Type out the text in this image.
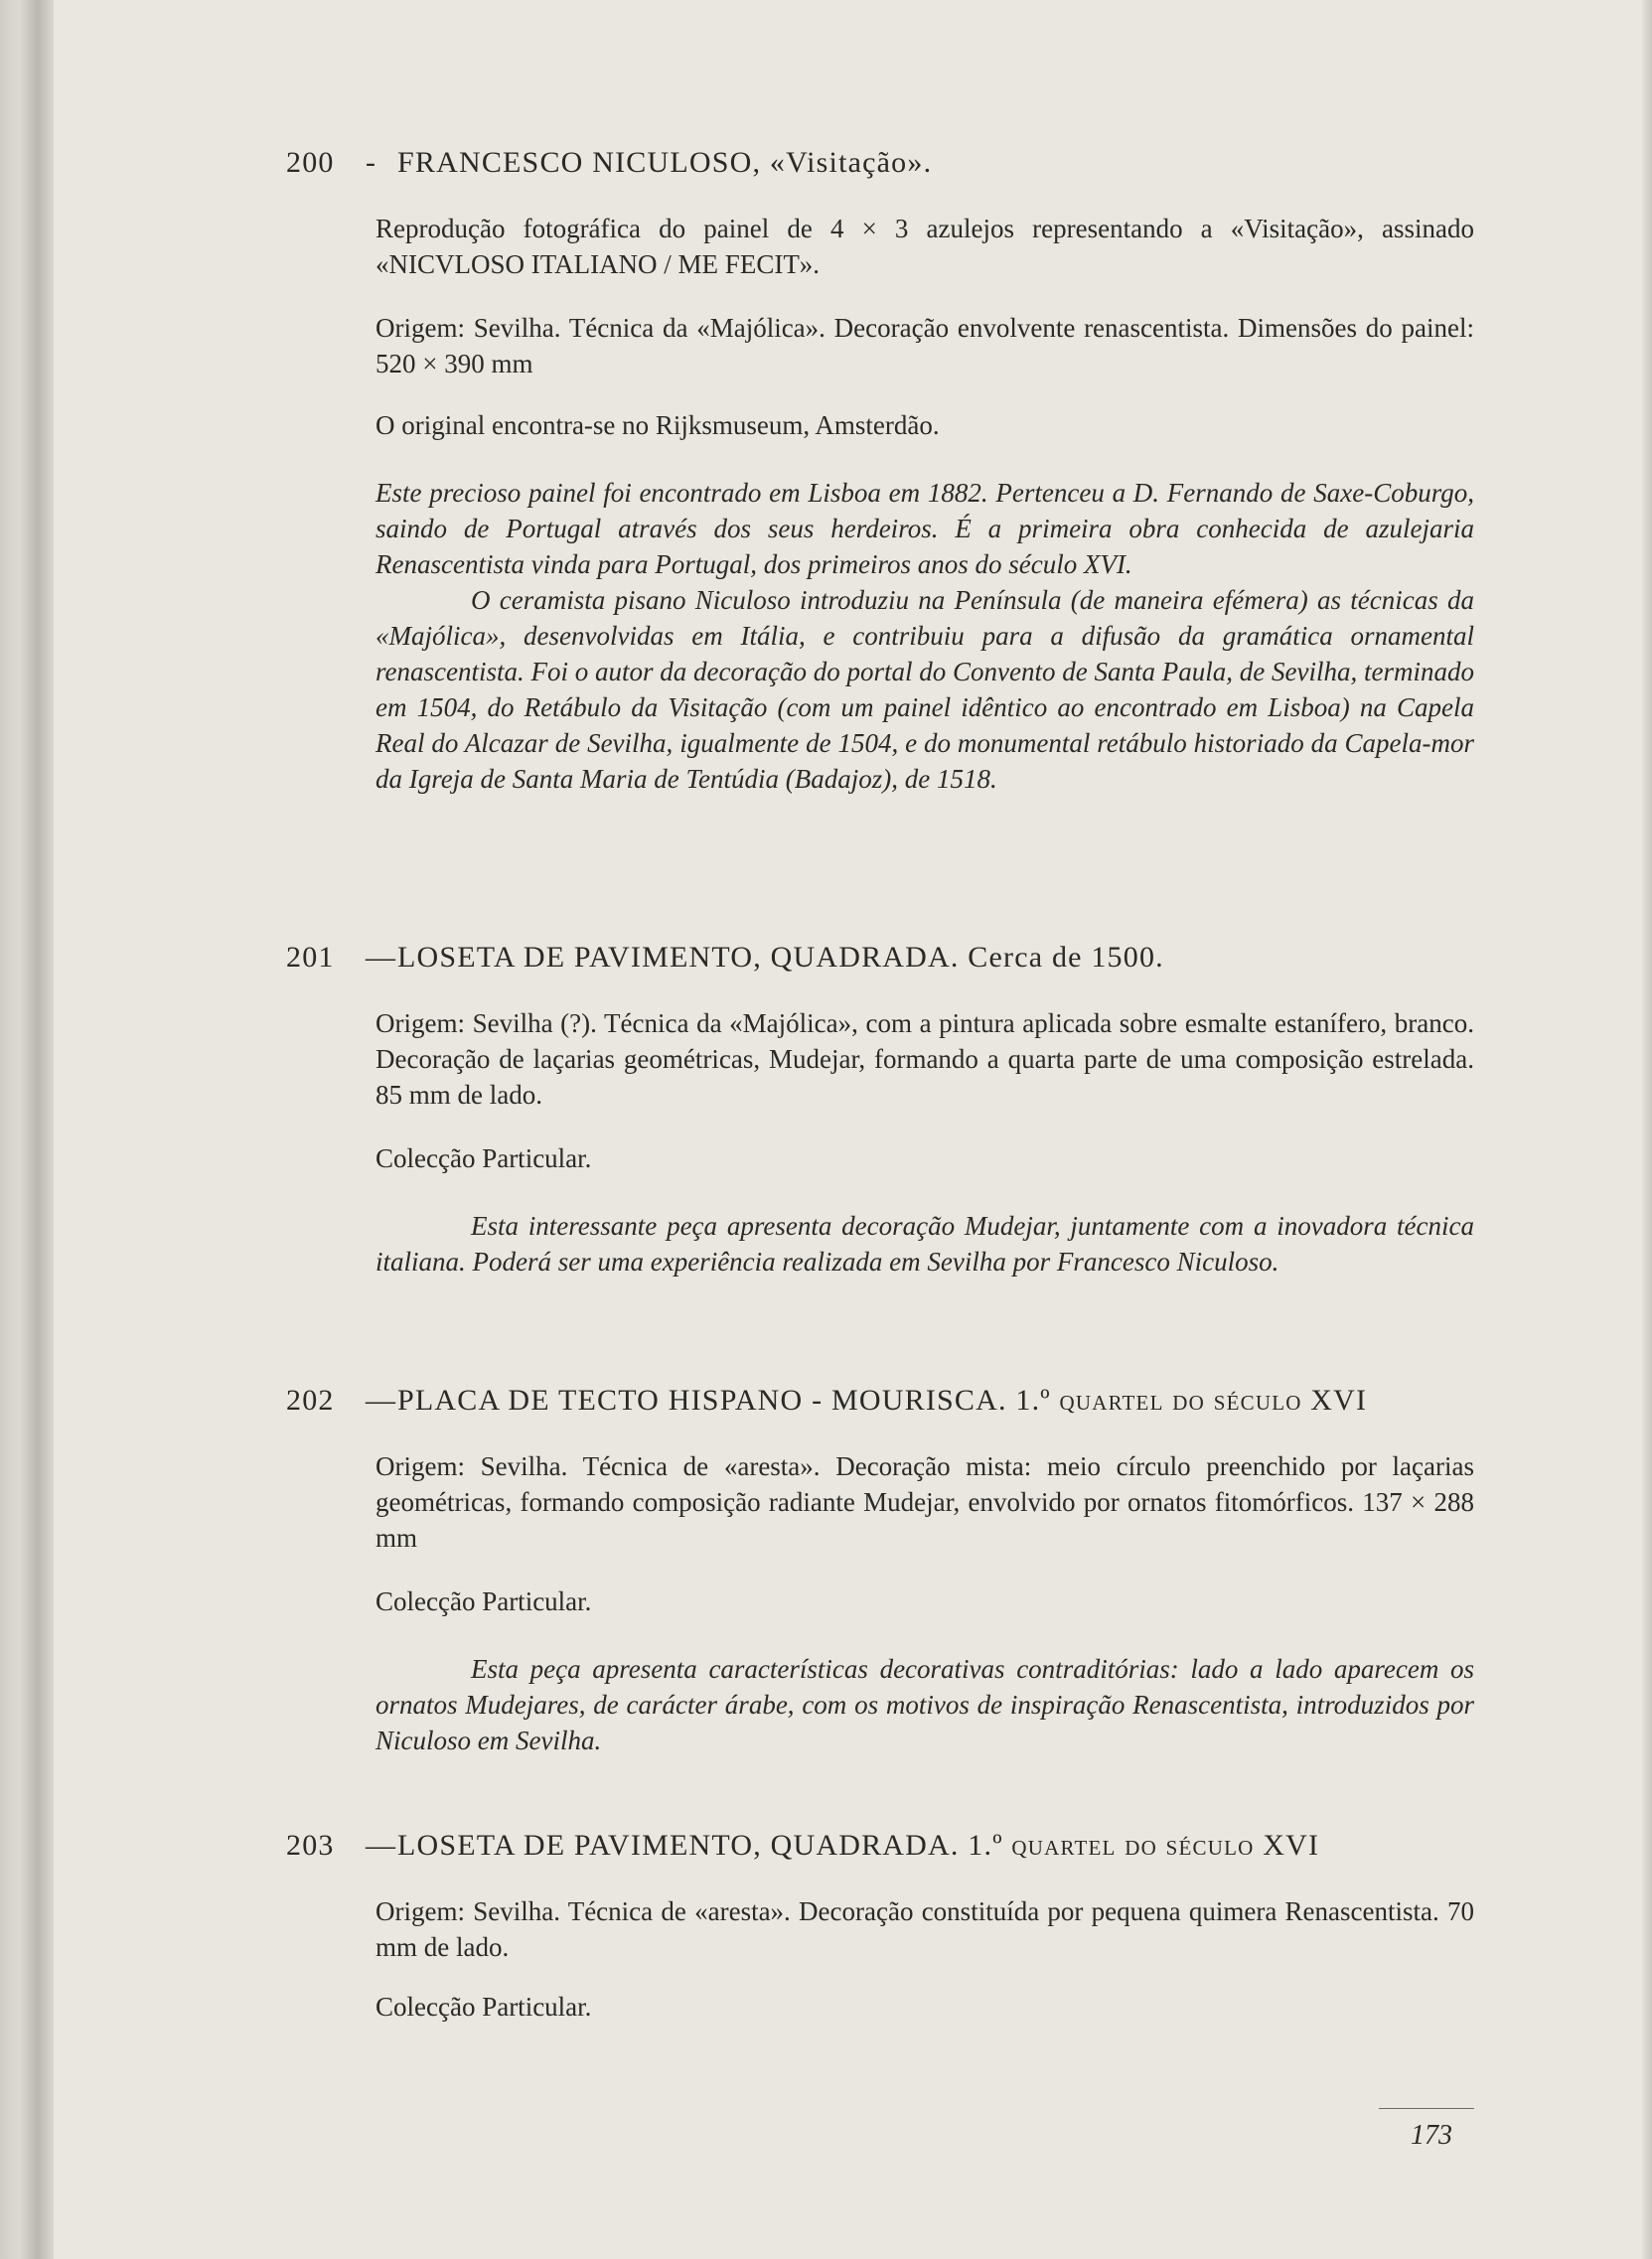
200 - FRANCESCO NICULOSO, «Visitação».

Reprodução fotográfica do painel de 4 × 3 azulejos representando a «Visitação», assinado «NICVLOSO ITALIANO / ME FECIT».

Origem: Sevilha. Técnica da «Majólica». Decoração envolvente renascentista. Dimensões do painel: 520 × 390 mm

O original encontra-se no Rijksmuseum, Amsterdão.

Este precioso painel foi encontrado em Lisboa em 1882. Pertenceu a D. Fernando de Saxe-Coburgo, saindo de Portugal através dos seus herdeiros. É a primeira obra conhecida de azulejaria Renascentista vinda para Portugal, dos primeiros anos do século XVI.

O ceramista pisano Niculoso introduziu na Península (de maneira efémera) as técnicas da «Majólica», desenvolvidas em Itália, e contribuiu para a difusão da gramática ornamental renascentista. Foi o autor da decoração do portal do Convento de Santa Paula, de Sevilha, terminado em 1504, do Retábulo da Visitação (com um painel idêntico ao encontrado em Lisboa) na Capela Real do Alcazar de Sevilha, igualmente de 1504, e do monumental retábulo historiado da Capela-mor da Igreja de Santa Maria de Tentúdia (Badajoz), de 1518.

201 —LOSETA DE PAVIMENTO, QUADRADA. Cerca de 1500.

Origem: Sevilha (?). Técnica da «Majólica», com a pintura aplicada sobre esmalte estanífero, branco. Decoração de laçarias geométricas, Mudejar, formando a quarta parte de uma composição estrelada. 85 mm de lado.

Colecção Particular.

Esta interessante peça apresenta decoração Mudejar, juntamente com a inovadora técnica italiana. Poderá ser uma experiência realizada em Sevilha por Francesco Niculoso.

202 —PLACA DE TECTO HISPANO - MOURISCA. 1.º quartel do século XVI

Origem: Sevilha. Técnica de «aresta». Decoração mista: meio círculo preenchido por laçarias geométricas, formando composição radiante Mudejar, envolvido por ornatos fitomórficos. 137 × 288 mm

Colecção Particular.

Esta peça apresenta características decorativas contraditórias: lado a lado aparecem os ornatos Mudejares, de carácter árabe, com os motivos de inspiração Renascentista, introduzidos por Niculoso em Sevilha.

203 —LOSETA DE PAVIMENTO, QUADRADA. 1.º quartel do século XVI

Origem: Sevilha. Técnica de «aresta». Decoração constituída por pequena quimera Renascentista. 70 mm de lado.

Colecção Particular.

173
